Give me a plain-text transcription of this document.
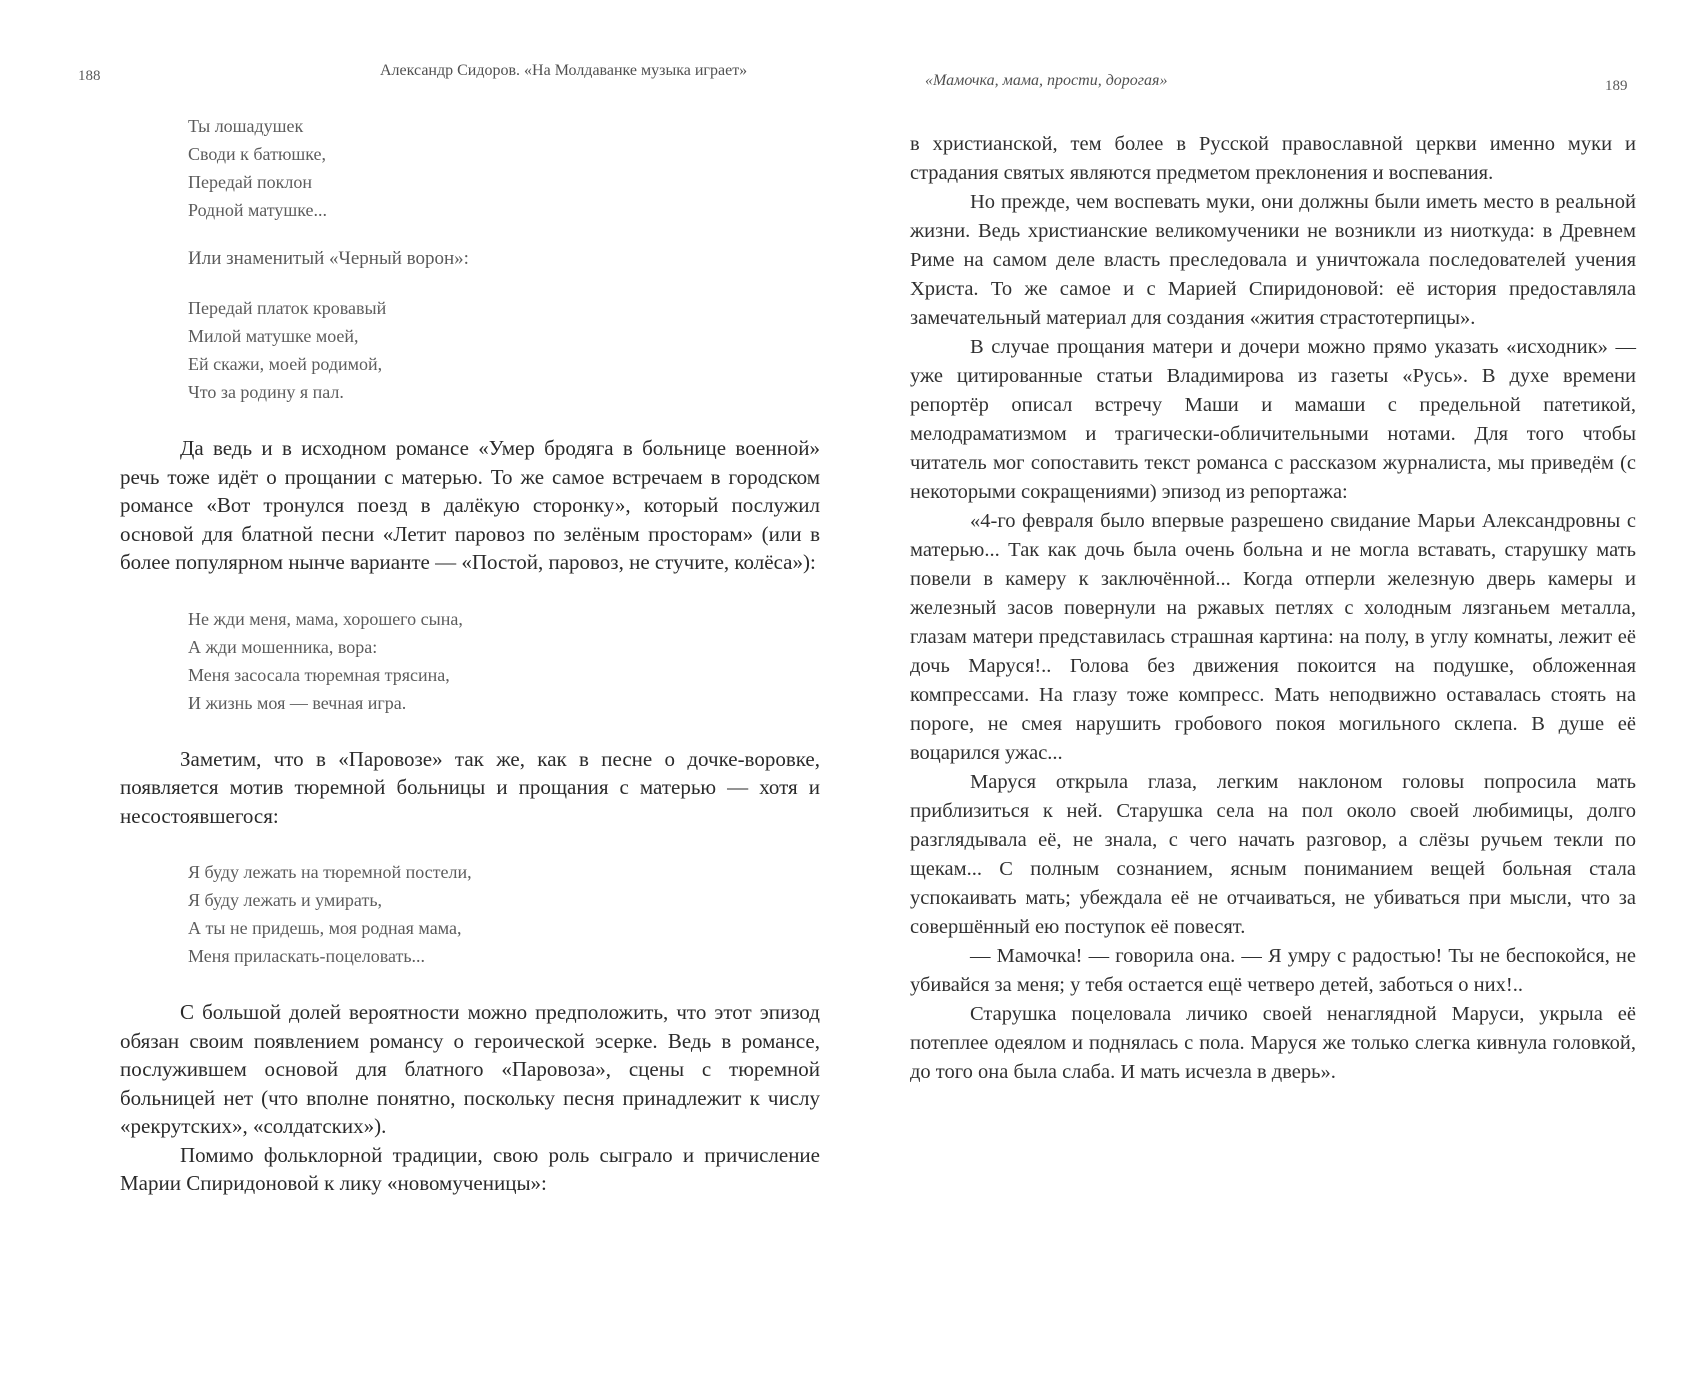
188	Александр Сидоров. «На Молдаванке музыка играет»
Ты лошадушек
Своди к батюшке,
Передай поклон
Родной матушке...

Или знаменитый «Черный ворон»:

Передай платок кровавый
Милой матушке моей,
Ей скажи, моей родимой,
Что за родину я пал.

Да ведь и в исходном романсе «Умер бродяга в больнице военной» речь тоже идёт о прощании с матерью. То же самое встречаем в городском романсе «Вот тронулся поезд в далёкую сторонку», который послужил основой для блатной песни «Летит паровоз по зелёным просторам» (или в более популярном нынче варианте — «Постой, паровоз, не стучите, колёса»):

Не жди меня, мама, хорошего сына,
А жди мошенника, вора:
Меня засосала тюремная трясина,
И жизнь моя — вечная игра.

Заметим, что в «Паровозе» так же, как в песне о дочке-воровке, появляется мотив тюремной больницы и прощания с матерью — хотя и несостоявшегося:

Я буду лежать на тюремной постели,
Я буду лежать и умирать,
А ты не придешь, моя родная мама,
Меня приласкать-поцеловать...

С большой долей вероятности можно предположить, что этот эпизод обязан своим появлением романсу о героической эсерке. Ведь в романсе, послужившем основой для блатного «Паровоза», сцены с тюремной больницей нет (что вполне понятно, поскольку песня принадлежит к числу «рекрутских», «солдатских»).

Помимо фольклорной традиции, свою роль сыграло и причисление Марии Спиридоновой к лику «новомученицы»:

«Мамочка, мама, прости, дорогая»	189

в христианской, тем более в Русской православной церкви именно муки и страдания святых являются предметом преклонения и воспевания.

Но прежде, чем воспевать муки, они должны были иметь место в реальной жизни. Ведь христианские великомученики не возникли из ниоткуда: в Древнем Риме на самом деле власть преследовала и уничтожала последователей учения Христа. То же самое и с Марией Спиридоновой: её история предоставляла замечательный материал для создания «жития страстотерпицы».

В случае прощания матери и дочери можно прямо указать «исходник» — уже цитированные статьи Владимирова из газеты «Русь». В духе времени репортёр описал встречу Маши и мамаши с предельной патетикой, мелодраматизмом и трагически-обличительными нотами. Для того чтобы читатель мог сопоставить текст романса с рассказом журналиста, мы приведём (с некоторыми сокращениями) эпизод из репортажа:

«4-го февраля было впервые разрешено свидание Марьи Александровны с матерью... Так как дочь была очень больна и не могла вставать, старушку мать повели в камеру к заключённой... Когда отперли железную дверь камеры и железный засов повернули на ржавых петлях с холодным лязганьем металла, глазам матери представилась страшная картина: на полу, в углу комнаты, лежит её дочь Маруся!.. Голова без движения покоится на подушке, обложенная компрессами. На глазу тоже компресс. Мать неподвижно оставалась стоять на пороге, не смея нарушить гробового покоя могильного склепа. В душе её воцарился ужас...

Маруся открыла глаза, легким наклоном головы попросила мать приблизиться к ней. Старушка села на пол около своей любимицы, долго разглядывала её, не знала, с чего начать разговор, а слёзы ручьем текли по щекам... С полным сознанием, ясным пониманием вещей больная стала успокаивать мать; убеждала её не отчаиваться, не убиваться при мысли, что за совершённый ею поступок её повесят.

— Мамочка! — говорила она. — Я умру с радостью! Ты не беспокойся, не убивайся за меня; у тебя остается ещё четверо детей, заботься о них!..

Старушка поцеловала личико своей ненаглядной Маруси, укрыла её потеплее одеялом и поднялась с пола. Маруся же только слегка кивнула головкой, до того она была слаба. И мать исчезла в дверь».
